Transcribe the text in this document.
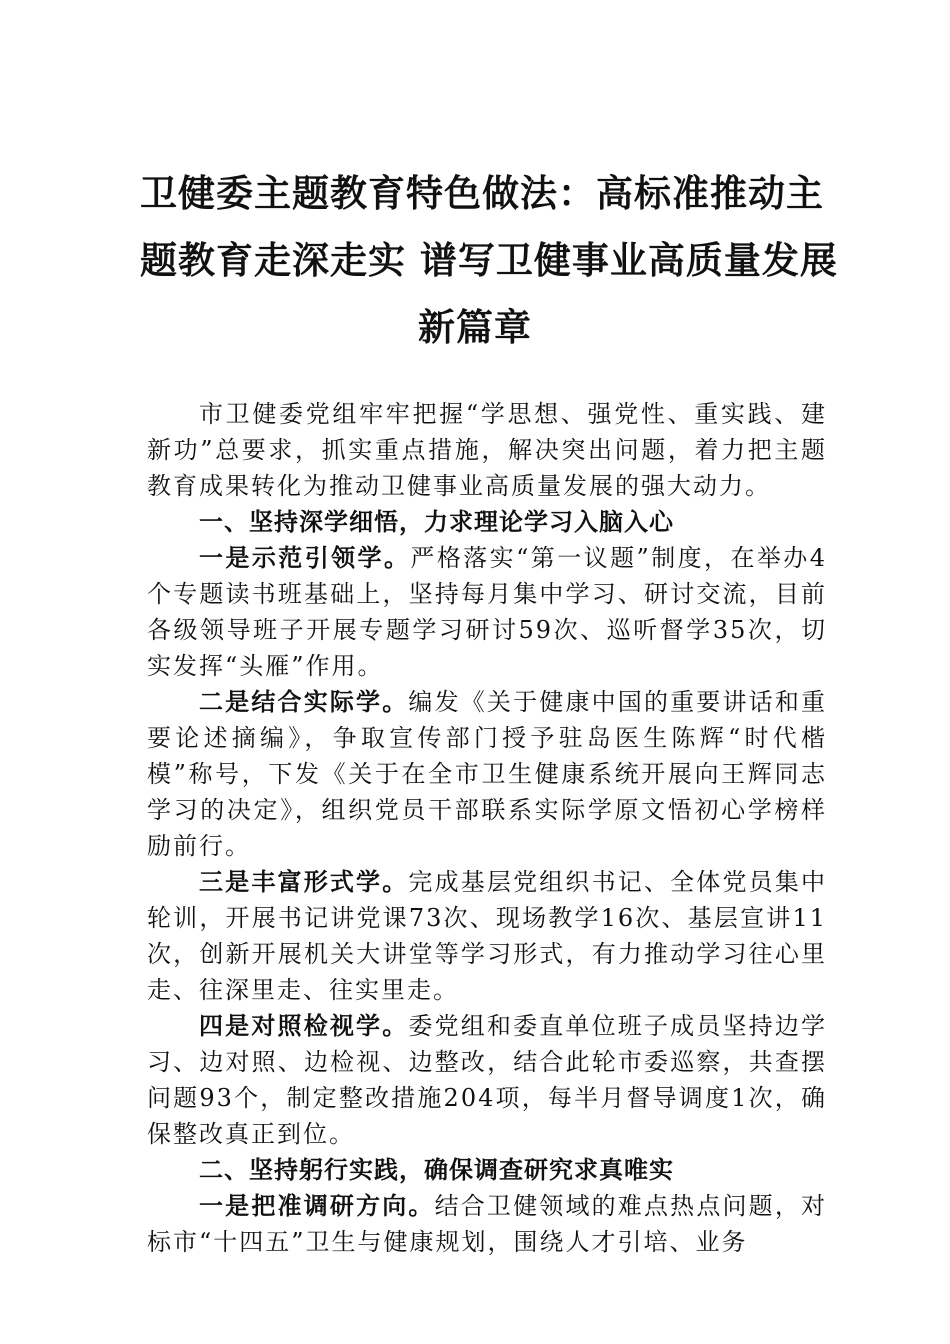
卫健委主题教育特色做法：高标准推动主
题教育走深走实 谱写卫健事业高质量发展
新篇章

市卫健委党组牢牢把握“学思想、强党性、重实践、建新功”总要求，抓实重点措施，解决突出问题，着力把主题教育成果转化为推动卫健事业高质量发展的强大动力。

一、坚持深学细悟，力求理论学习入脑入心

一是示范引领学。严格落实“第一议题”制度，在举办4个专题读书班基础上，坚持每月集中学习、研讨交流，目前各级领导班子开展专题学习研讨59次、巡听督学35次，切实发挥“头雁”作用。

二是结合实际学。编发《关于健康中国的重要讲话和重要论述摘编》，争取宣传部门授予驻岛医生陈辉“时代楷模”称号，下发《关于在全市卫生健康系统开展向王辉同志学习的决定》，组织党员干部联系实际学原文悟初心学榜样励前行。

三是丰富形式学。完成基层党组织书记、全体党员集中轮训，开展书记讲党课73次、现场教学16次、基层宣讲11次，创新开展机关大讲堂等学习形式，有力推动学习往心里走、往深里走、往实里走。

四是对照检视学。委党组和委直单位班子成员坚持边学习、边对照、边检视、边整改，结合此轮市委巡察，共查摆问题93个，制定整改措施204项，每半月督导调度1次，确保整改真正到位。

二、坚持躬行实践，确保调查研究求真唯实

一是把准调研方向。结合卫健领域的难点热点问题，对标市“十四五”卫生与健康规划，围绕人才引培、业务
